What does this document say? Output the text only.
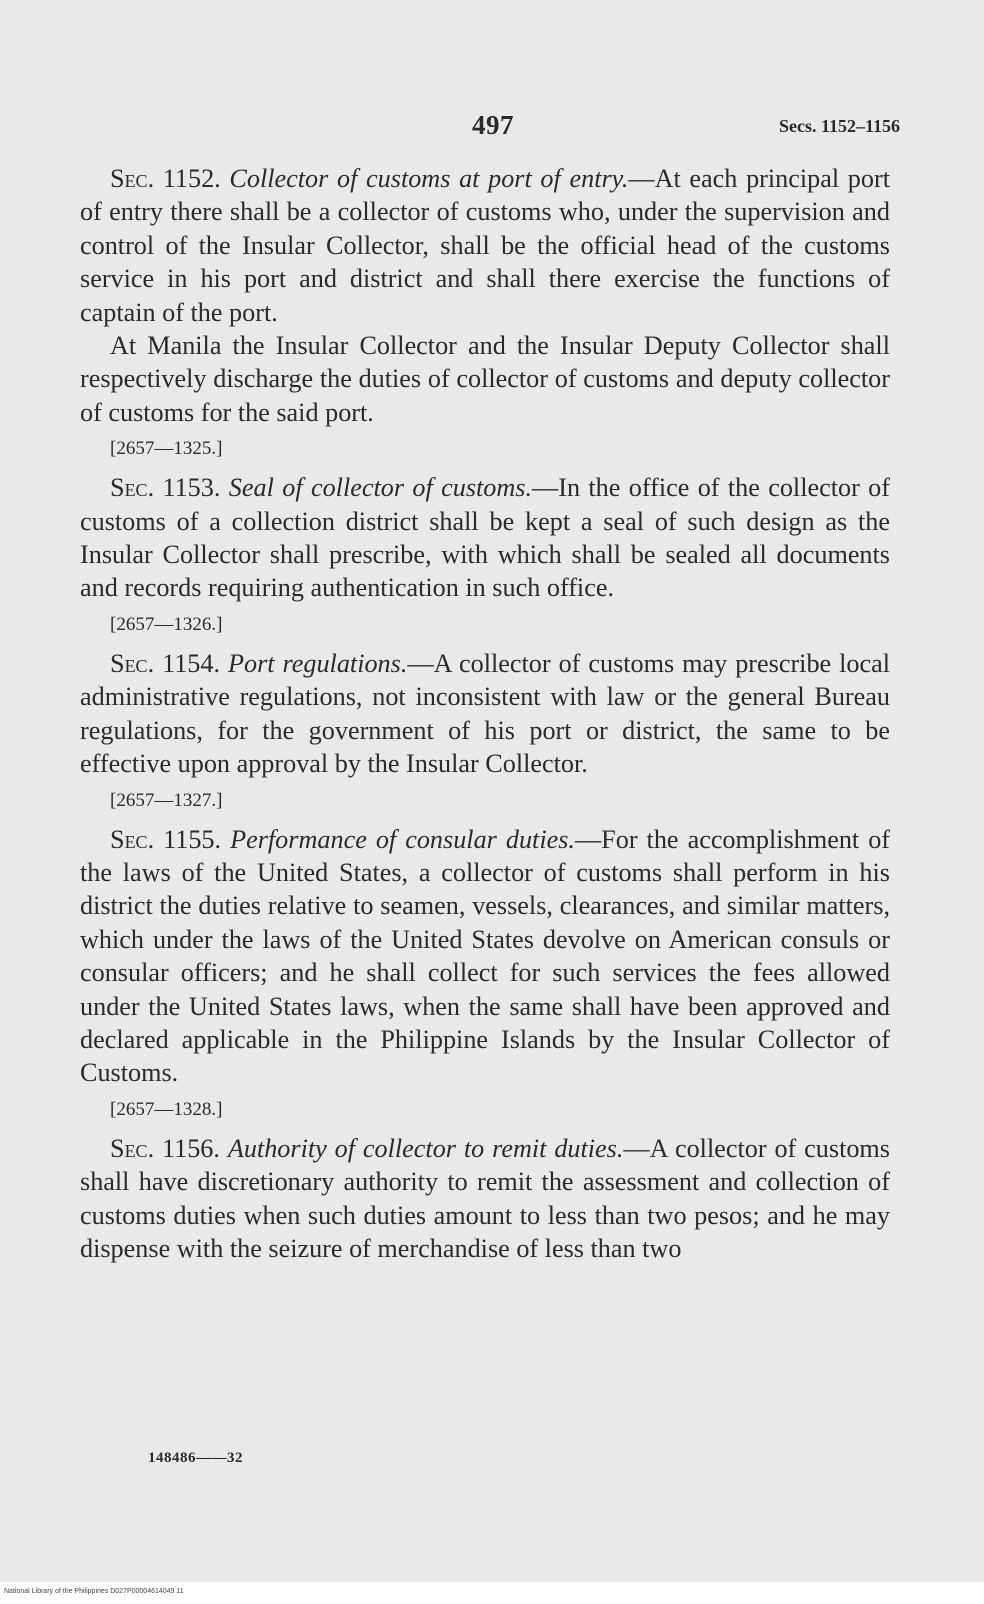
497	Secs. 1152–1156

Sec. 1152. Collector of customs at port of entry.—At each principal port of entry there shall be a collector of customs who, under the supervision and control of the Insular Collector, shall be the official head of the customs service in his port and district and shall there exercise the functions of captain of the port.

At Manila the Insular Collector and the Insular Deputy Collector shall respectively discharge the duties of collector of customs and deputy collector of customs for the said port.

[2657—1325.]

Sec. 1153. Seal of collector of customs.—In the office of the collector of customs of a collection district shall be kept a seal of such design as the Insular Collector shall prescribe, with which shall be sealed all documents and records requiring authentication in such office.

[2657—1326.]

Sec. 1154. Port regulations.—A collector of customs may prescribe local administrative regulations, not inconsistent with law or the general Bureau regulations, for the government of his port or district, the same to be effective upon approval by the Insular Collector.

[2657—1327.]

Sec. 1155. Performance of consular duties.—For the accomplishment of the laws of the United States, a collector of customs shall perform in his district the duties relative to seamen, vessels, clearances, and similar matters, which under the laws of the United States devolve on American consuls or consular officers; and he shall collect for such services the fees allowed under the United States laws, when the same shall have been approved and declared applicable in the Philippine Islands by the Insular Collector of Customs.

[2657—1328.]

Sec. 1156. Authority of collector to remit duties.—A collector of customs shall have discretionary authority to remit the assessment and collection of customs duties when such duties amount to less than two pesos; and he may dispense with the seizure of merchandise of less than two

148486——32
National Library of the Philippines D027P00004614049 11
